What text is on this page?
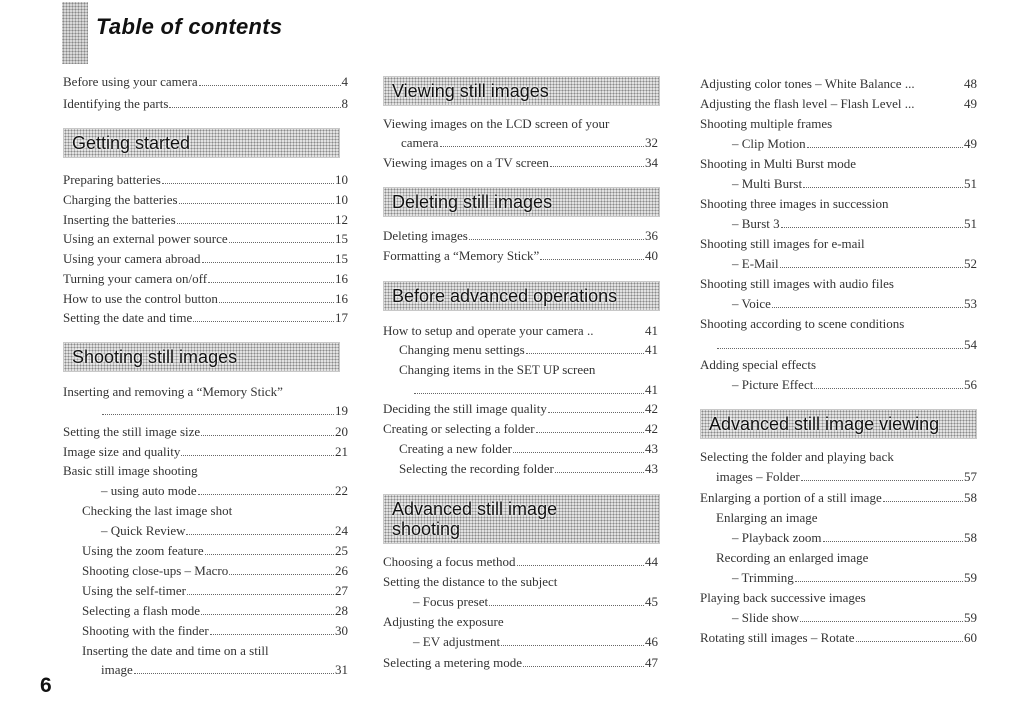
Table of contents
Before using your camera	4
Identifying the parts	8
Getting started
Preparing batteries	10
Charging the batteries	10
Inserting the batteries	12
Using an external power source	15
Using your camera abroad	15
Turning your camera on/off	16
How to use the control button	16
Setting the date and time	17
Shooting still images
Inserting and removing a “Memory Stick”
19
Setting the still image size	20
Image size and quality	21
Basic still image shooting
– using auto mode	22
Checking the last image shot
– Quick Review	24
Using the zoom feature	25
Shooting close-ups – Macro	26
Using the self-timer	27
Selecting a flash mode	28
Shooting with the finder	30
Inserting the date and time on a still
image	31
Viewing still images
Viewing images on the LCD screen of your
camera	32
Viewing images on a TV screen	34
Deleting still images
Deleting images	36
Formatting a “Memory Stick”	40
Before advanced operations
How to setup and operate your camera ..	41
Changing menu settings	41
Changing items in the SET UP screen
41
Deciding the still image quality	42
Creating or selecting a folder	42
Creating a new folder	43
Selecting the recording folder	43
Advanced still image
shooting
Choosing a focus method	44
Setting the distance to the subject
– Focus preset	45
Adjusting the exposure
– EV adjustment	46
Selecting a metering mode	47
Adjusting color tones – White Balance ...	48
Adjusting the flash level – Flash Level ...	49
Shooting multiple frames
– Clip Motion	49
Shooting in Multi Burst mode
– Multi Burst	51
Shooting three images in succession
– Burst 3	51
Shooting still images for e-mail
– E-Mail	52
Shooting still images with audio files
– Voice	53
Shooting according to scene conditions
54
Adding special effects
– Picture Effect	56
Advanced still image viewing
Selecting the folder and playing back
images – Folder	57
Enlarging a portion of a still image	58
Enlarging an image
– Playback zoom	58
Recording an enlarged image
– Trimming	59
Playing back successive images
– Slide show	59
Rotating still images – Rotate	60
6
